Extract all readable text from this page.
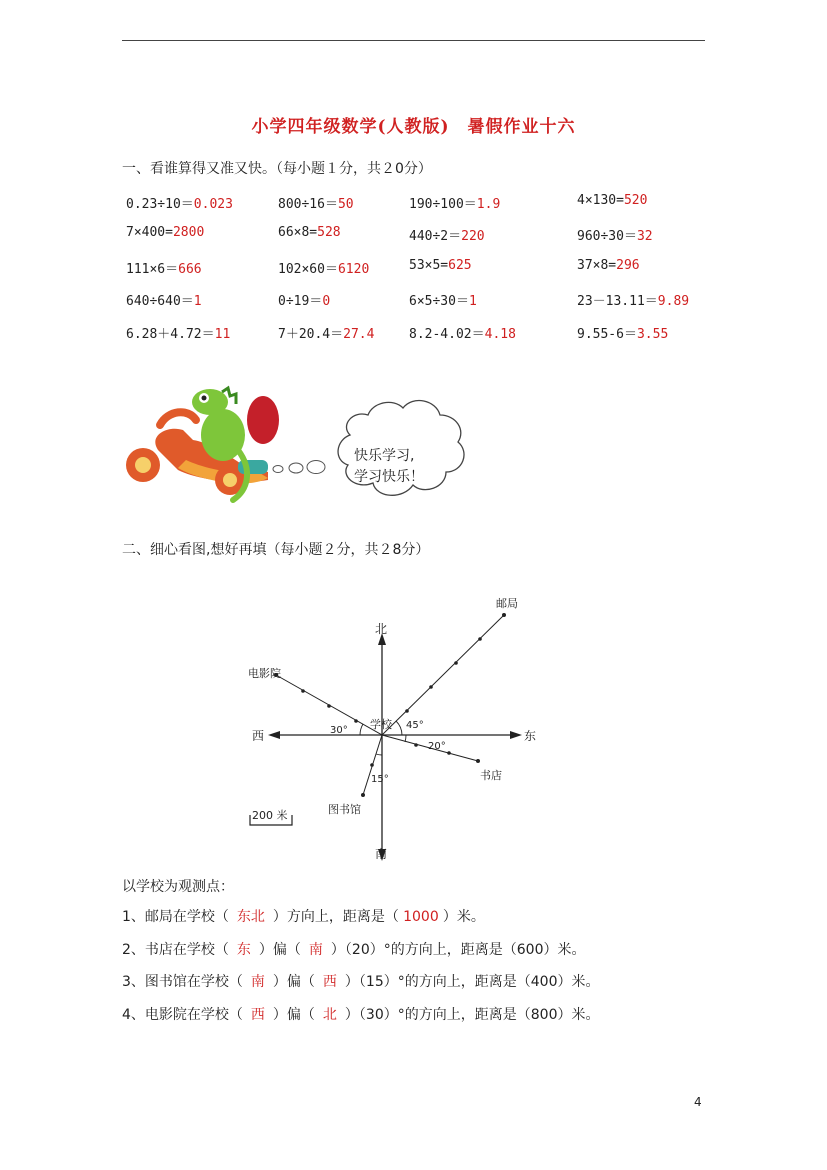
小学四年级数学(人教版)　暑假作业十六
一、看谁算得又准又快。（每小题１分，共２0分）
0.23÷10＝0.023	800÷16＝50	190÷100＝1.9	4×130=520
7×400=2800	66×8=528	440÷2＝220	960÷30＝32
111×6＝666	102×60＝6120	53×5=625	37×8=296
640÷640＝1	0÷19＝0	6×5÷30＝1	23－13.11＝9.89
6.28＋4.72＝11	7＋20.4＝27.4	8.2-4.02＝4.18	9.55-6＝3.55
快乐学习,
学习快乐！
二、细心看图,想好再填（每小题２分，共２8分）
北
南
西	东
学校
邮局
电影院
书店
图书馆
45°
30°
20°
15°
200 米
以学校为观测点：
1、邮局在学校（ 东北 ）方向上，距离是（ 1000 ）米。
2、书店在学校（ 东 ）偏（ 南 ）（20）°的方向上，距离是（600）米。
3、图书馆在学校（ 南 ）偏（ 西 ）（15）°的方向上，距离是（400）米。
4、电影院在学校（ 西 ）偏（ 北 ）（30）°的方向上，距离是（800）米。
4
